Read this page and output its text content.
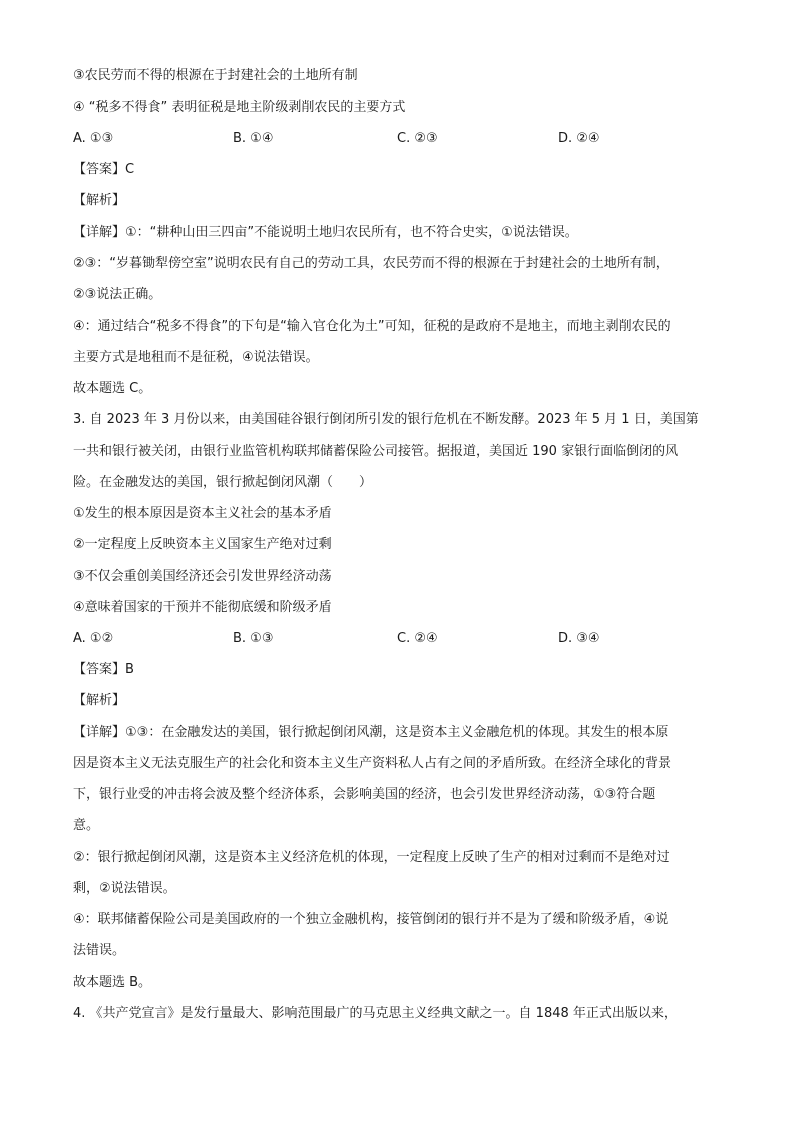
③农民劳而不得的根源在于封建社会的土地所有制

④ “税多不得食” 表明征税是地主阶级剥削农民的主要方式

A. ①③	B. ①④	C. ②③	D. ②④

【答案】C

【解析】

【详解】①：“耕种山田三四亩”不能说明土地归农民所有，也不符合史实，①说法错误。

②③：“岁暮锄犁傍空室”说明农民有自己的劳动工具，农民劳而不得的根源在于封建社会的土地所有制，

②③说法正确。

④：通过结合“税多不得食”的下句是“输入官仓化为土”可知，征税的是政府不是地主，而地主剥削农民的

主要方式是地租而不是征税，④说法错误。

故本题选 C。

3. 自 2023 年 3 月份以来，由美国硅谷银行倒闭所引发的银行危机在不断发酵。2023 年 5 月 1 日，美国第

一共和银行被关闭，由银行业监管机构联邦储蓄保险公司接管。据报道，美国近 190 家银行面临倒闭的风

险。在金融发达的美国，银行掀起倒闭风潮（　　）

①发生的根本原因是资本主义社会的基本矛盾

②一定程度上反映资本主义国家生产绝对过剩

③不仅会重创美国经济还会引发世界经济动荡

④意味着国家的干预并不能彻底缓和阶级矛盾

A. ①②	B. ①③	C. ②④	D. ③④

【答案】B

【解析】

【详解】①③：在金融发达的美国，银行掀起倒闭风潮，这是资本主义金融危机的体现。其发生的根本原

因是资本主义无法克服生产的社会化和资本主义生产资料私人占有之间的矛盾所致。在经济全球化的背景

下，银行业受的冲击将会波及整个经济体系，会影响美国的经济，也会引发世界经济动荡，①③符合题

意。

②：银行掀起倒闭风潮，这是资本主义经济危机的体现，一定程度上反映了生产的相对过剩而不是绝对过

剩，②说法错误。

④：联邦储蓄保险公司是美国政府的一个独立金融机构，接管倒闭的银行并不是为了缓和阶级矛盾，④说

法错误。

故本题选 B。

4. 《共产党宣言》是发行量最大、影响范围最广的马克思主义经典文献之一。自 1848 年正式出版以来，
